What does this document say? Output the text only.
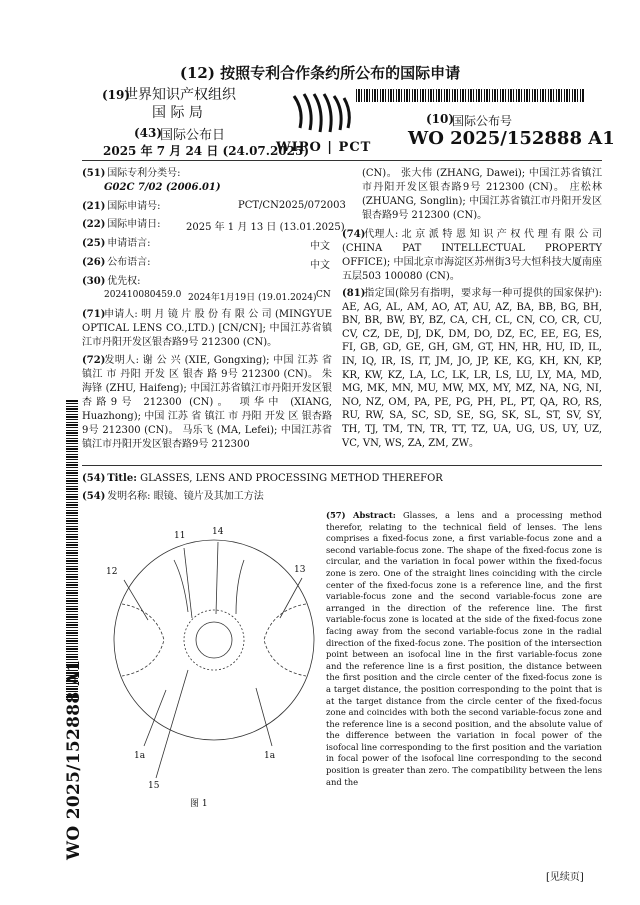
(12) 按照专利合作条约所公布的国际申请
(19)
世界知识产权组织
国 际 局
(43)
国际公布日
2025 年 7 月 24 日 (24.07.2025)
WIPO | PCT
(10)
国际公布号
WO 2025/152888 A1
WO 2025/152888 A1
(51) 国际专利分类号:
G02C 7/02 (2006.01)
(21) 国际申请号:	PCT/CN2025/072003
(22) 国际申请日:	2025 年 1 月 13 日 (13.01.2025)
(25) 申请语言:	中文
(26) 公布语言:	中文
(30) 优先权:
202410080459.0 2024年1月19日 (19.01.2024) CN
(71)申请人: 明 月 镜 片 股 份 有 限 公 司 (MINGYUE OPTICAL LENS CO.,LTD.) [CN/CN]; 中国江苏省镇江市丹阳开发区银杏路9号 212300 (CN)。
(72)发明人: 谢 公 兴 (XIE, Gongxing); 中国 江苏 省 镇江 市 丹阳 开发 区 银杏 路 9号 212300 (CN)。 朱海锋 (ZHU, Haifeng); 中国江苏省镇江市丹阳开发区银杏路9号 212300 (CN)。 项华中 (XIANG, Huazhong); 中国 江苏 省 镇江 市 丹阳 开发 区 银杏路9号 212300 (CN)。 马乐飞 (MA, Lefei); 中国江苏省镇江市丹阳开发区银杏路9号 212300
(CN)。 张大伟 (ZHANG, Dawei); 中国江苏省镇江市丹阳开发区银杏路9号 212300 (CN)。 庄松林 (ZHUANG, Songlin); 中国江苏省镇江市丹阳开发区银杏路9号 212300 (CN)。
(74)代理人: 北 京 派 特 恩 知 识 产 权 代 理 有 限 公 司 (CHINA PAT INTELLECTUAL PROPERTY OFFICE); 中国北京市海淀区苏州街3号大恒科技大厦南座五层503 100080 (CN)。
(81)指定国(除另有指明，要求每一种可提供的国家保护): AE, AG, AL, AM, AO, AT, AU, AZ, BA, BB, BG, BH, BN, BR, BW, BY, BZ, CA, CH, CL, CN, CO, CR, CU, CV, CZ, DE, DJ, DK, DM, DO, DZ, EC, EE, EG, ES, FI, GB, GD, GE, GH, GM, GT, HN, HR, HU, ID, IL, IN, IQ, IR, IS, IT, JM, JO, JP, KE, KG, KH, KN, KP, KR, KW, KZ, LA, LC, LK, LR, LS, LU, LY, MA, MD, MG, MK, MN, MU, MW, MX, MY, MZ, NA, NG, NI, NO, NZ, OM, PA, PE, PG, PH, PL, PT, QA, RO, RS, RU, RW, SA, SC, SD, SE, SG, SK, SL, ST, SV, SY, TH, TJ, TM, TN, TR, TT, TZ, UA, UG, US, UY, UZ, VC, VN, WS, ZA, ZM, ZW。
(54) Title: GLASSES, LENS AND PROCESSING METHOD THEREFOR
(54) 发明名称: 眼镜、镜片及其加工方法
11	14
12	13
1a	1a
15
图 1
(57) Abstract: Glasses, a lens and a processing method therefor, relating to the technical field of lenses. The lens comprises a fixed-focus zone, a first variable-focus zone and a second variable-focus zone. The shape of the fixed-focus zone is circular, and the variation in focal power within the fixed-focus zone is zero. One of the straight lines coinciding with the circle center of the fixed-focus zone is a reference line, and the first variable-focus zone and the second variable-focus zone are arranged in the direction of the reference line. The first variable-focus zone is located at the side of the fixed-focus zone facing away from the second variable-focus zone in the radial direction of the fixed-focus zone. The position of the intersection point between an isofocal line in the first variable-focus zone and the reference line is a first position, the distance between the first position and the circle center of the fixed-focus zone is a target distance, the position corresponding to the point that is at the target distance from the circle center of the fixed-focus zone and coincides with both the second variable-focus zone and the reference line is a second position, and the absolute value of the difference between the variation in focal power of the isofocal line corresponding to the first position and the variation in focal power of the isofocal line corresponding to the second position is greater than zero. The compatibility between the lens and the
[见续页]
